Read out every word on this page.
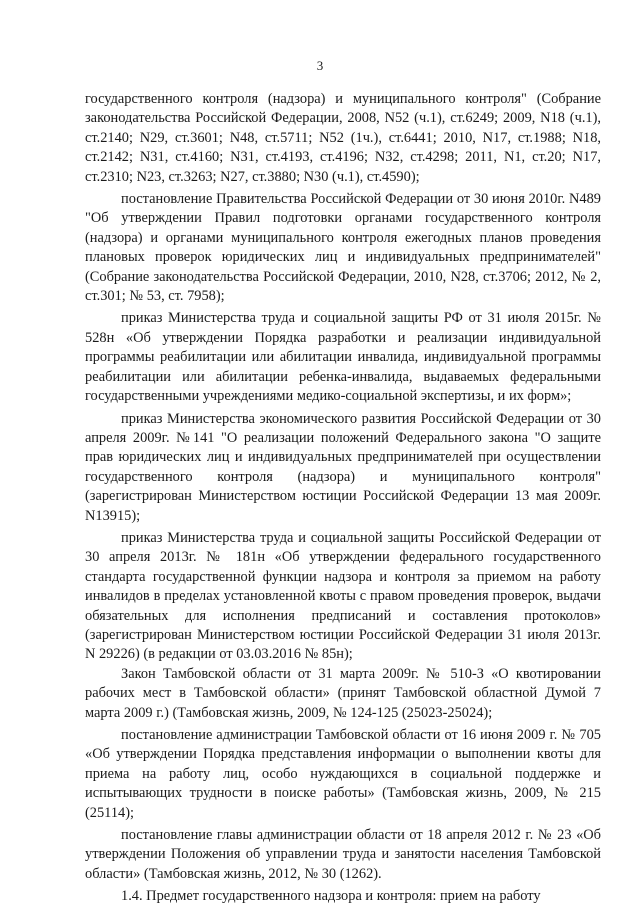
3

государственного контроля (надзора) и муниципального контроля" (Собрание законодательства Российской Федерации, 2008, N52 (ч.1), ст.6249; 2009, N18 (ч.1), ст.2140; N29, ст.3601; N48, ст.5711; N52 (1ч.), ст.6441; 2010, N17, ст.1988; N18, ст.2142; N31, ст.4160; N31, ст.4193, ст.4196; N32, ст.4298; 2011, N1, ст.20; N17, ст.2310; N23, ст.3263; N27, ст.3880; N30 (ч.1), ст.4590);

постановление Правительства Российской Федерации от 30 июня 2010г. N489 "Об утверждении Правил подготовки органами государственного контроля (надзора) и органами муниципального контроля ежегодных планов проведения плановых проверок юридических лиц и индивидуальных предпринимателей" (Собрание законодательства Российской Федерации, 2010, N28, ст.3706; 2012, № 2, ст.301; № 53, ст. 7958);

приказ Министерства труда и социальной защиты РФ от 31 июля 2015г. № 528н «Об утверждении Порядка разработки и реализации индивидуальной программы реабилитации или абилитации инвалида, индивидуальной программы реабилитации или абилитации ребенка-инвалида, выдаваемых федеральными государственными учреждениями медико-социальной экспертизы, и их форм»;

приказ Министерства экономического развития Российской Федерации от 30 апреля 2009г. №141 "О реализации положений Федерального закона "О защите прав юридических лиц и индивидуальных предпринимателей при осуществлении государственного контроля (надзора) и муниципального контроля" (зарегистрирован Министерством юстиции Российской Федерации 13 мая 2009г. N13915);

приказ Министерства труда и социальной защиты Российской Федерации от 30 апреля 2013г. № 181н «Об утверждении федерального государственного стандарта государственной функции надзора и контроля за приемом на работу инвалидов в пределах установленной квоты с правом проведения проверок, выдачи обязательных для исполнения предписаний и составления протоколов» (зарегистрирован Министерством юстиции Российской Федерации 31 июля 2013г. N 29226) (в редакции от 03.03.2016 № 85н);

Закон Тамбовской области от 31 марта 2009г. № 510-З «О квотировании рабочих мест в Тамбовской области» (принят Тамбовской областной Думой 7 марта 2009 г.) (Тамбовская жизнь, 2009, № 124-125 (25023-25024);

постановление администрации Тамбовской области от 16 июня 2009 г. № 705 «Об утверждении Порядка представления информации о выполнении квоты для приема на работу лиц, особо нуждающихся в социальной поддержке и испытывающих трудности в поиске работы» (Тамбовская жизнь, 2009, № 215 (25114);

постановление главы администрации области от 18 апреля 2012 г. № 23 «Об утверждении Положения об управлении труда и занятости населения Тамбовской области» (Тамбовская жизнь, 2012, № 30 (1262).

1.4. Предмет государственного надзора и контроля: прием на работу
